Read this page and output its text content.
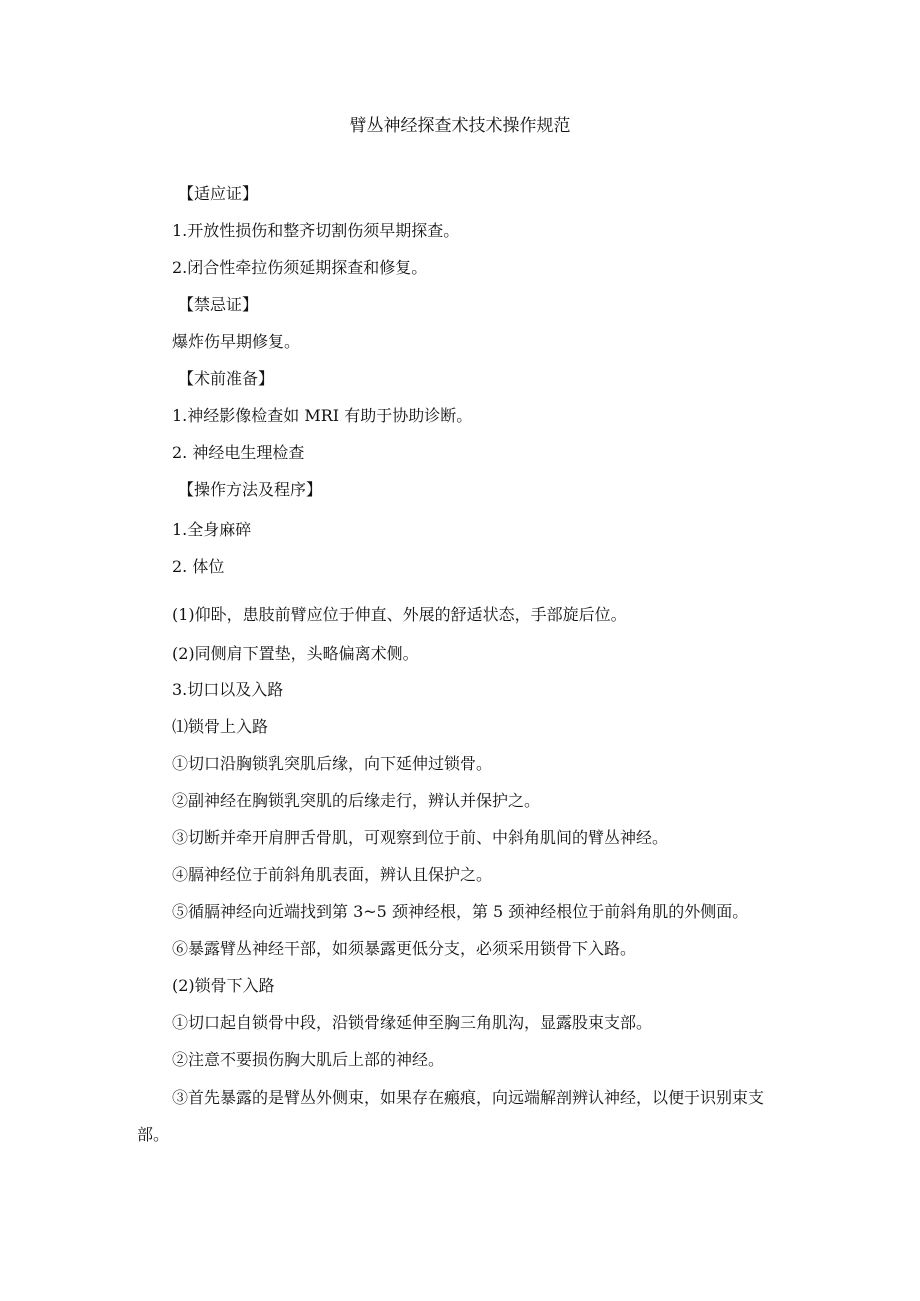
臂丛神经探查术技术操作规范
【适应证】
1.开放性损伤和整齐切割伤须早期探查。
2.闭合性牵拉伤须延期探查和修复。
【禁忌证】
爆炸伤早期修复。
【术前准备】
1.神经影像检查如 MRI 有助于协助诊断。
2. 神经电生理检查
【操作方法及程序】
1.全身麻碎
2. 体位
(1)仰卧，患肢前臂应位于伸直、外展的舒适状态，手部旋后位。
(2)同侧肩下置垫，头略偏离术侧。
3.切口以及入路
⑴锁骨上入路
①切口沿胸锁乳突肌后缘，向下延伸过锁骨。
②副神经在胸锁乳突肌的后缘走行，辨认并保护之。
③切断并牵开肩胛舌骨肌，可观察到位于前、中斜角肌间的臂丛神经。
④膈神经位于前斜角肌表面，辨认且保护之。
⑤循膈神经向近端找到第 3~5 颈神经根，第 5 颈神经根位于前斜角肌的外侧面。
⑥暴露臂丛神经干部，如须暴露更低分支，必须采用锁骨下入路。
(2)锁骨下入路
①切口起自锁骨中段，沿锁骨缘延伸至胸三角肌沟，显露股束支部。
②注意不要损伤胸大肌后上部的神经。

③首先暴露的是臂丛外侧束，如果存在瘢痕，向远端解剖辨认神经，以便于识别束支部。
